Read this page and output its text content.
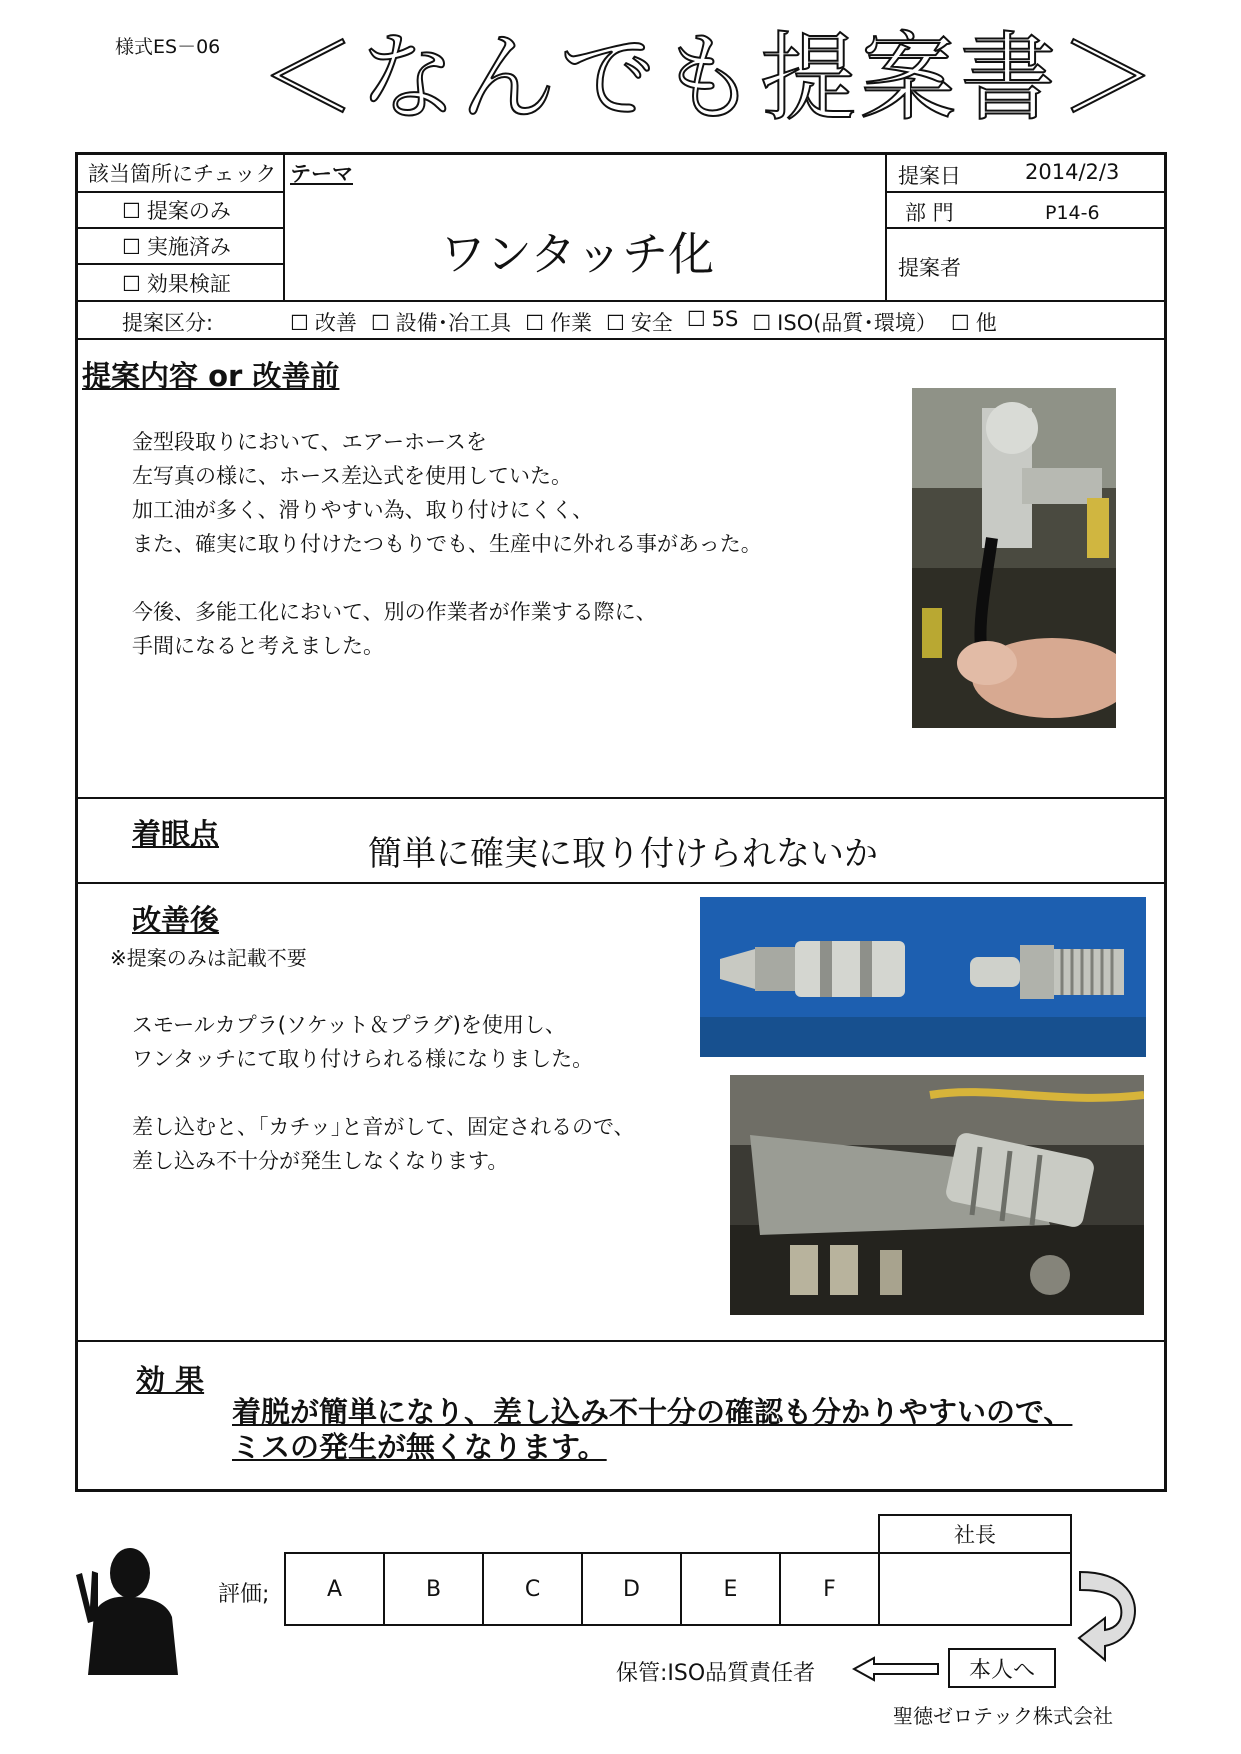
様式ES－06 ＜なんでも提案書＞
該当箇所にチェック
☐ 提案のみ
☐ 実施済み
☐ 効果検証
テーマ
ワンタッチ化
提案日	2014/2/3
部 門	P14-6
提案者
提案区分:	☐ 改善	☐ 設備･冶工具	☐ 作業	☐ 安全	☐ 5S	☐ ISO(品質･環境）	☐ 他
提案内容 or 改善前
金型段取りにおいて、エアーホースを
左写真の様に、ホース差込式を使用していた。
加工油が多く、滑りやすい為、取り付けにくく、
また、確実に取り付けたつもりでも、生産中に外れる事があった。

今後、多能工化において、別の作業者が作業する際に、
手間になると考えました。
着眼点	簡単に確実に取り付けられないか
改善後
※提案のみは記載不要
スモールカプラ(ソケット＆プラグ)を使用し、
ワンタッチにて取り付けられる様になりました。

差し込むと、｢カチッ｣と音がして、固定されるので、
差し込み不十分が発生しなくなります。
効 果
着脱が簡単になり、差し込み不十分の確認も分かりやすいので、
ミスの発生が無くなります。
評価;	A	B	C	D	E	F
社長
保管:ISO品質責任者	本人へ
聖徳ゼロテック株式会社
